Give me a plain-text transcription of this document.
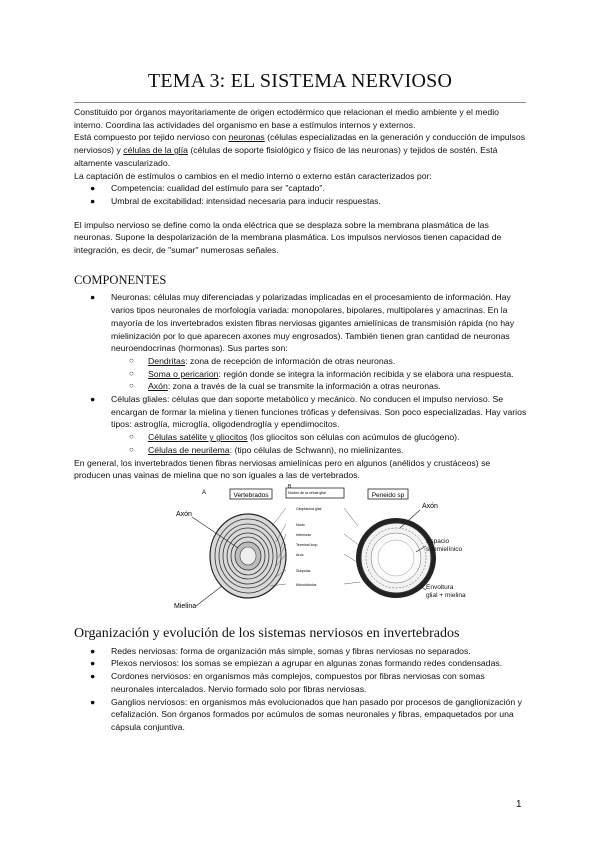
TEMA 3: EL SISTEMA NERVIOSO

Constituido por órganos mayoritariamente de origen ectodérmico que relacionan el medio ambiente y el medio interno. Coordina las actividades del organismo en base a estímulos internos y externos.

Está compuesto por tejido nervioso con neuronas (células especializadas en la generación y conducción de impulsos nerviosos) y células de la glía (células de soporte fisiológico y físico de las neuronas) y tejidos de sostén. Está altamente vascularizado.

La captación de estímulos o cambios en el medio interno o externo están caracterizados por:

● Competencia: cualidad del estímulo para ser "captado".
● Umbral de excitabilidad: intensidad necesaria para inducir respuestas.

El impulso nervioso se define como la onda eléctrica que se desplaza sobre la membrana plasmática de las neuronas. Supone la despolarización de la membrana plasmática. Los impulsos nerviosos tienen capacidad de integración, es decir, de "sumar" numerosas señales.

COMPONENTES
● Neuronas: células muy diferenciadas y polarizadas implicadas en el procesamiento de información. Hay varios tipos neuronales de morfología variada: monopolares, bipolares, multipolares y amacrinas. En la mayoría de los invertebrados existen fibras nerviosas gigantes amielínicas de transmisión rápida (no hay mielinización por lo que aparecen axones muy engrosados). También tienen gran cantidad de neuronas neuroendocrinas (hormonas). Sus partes son:
○ Dendritas: zona de recepción de información de otras neuronas.
○ Soma o pericarion: región donde se integra la información recibida y se elabora una respuesta.
○ Axón: zona a través de la cual se transmite la información a otras neuronas.
● Células gliales: células que dan soporte metabólico y mecánico. No conducen el impulso nervioso. Se encargan de formar la mielina y tienen funciones tróficas y defensivas. Son poco especializadas. Hay varios tipos: astroglía, microglía, oligodendroglía y ependimocitos.
○ Células satélite y gliocitos (los gliocitos son células con acúmulos de glucógeno).
○ Células de neurilema: (tipo células de Schwann), no mielinizantes.

En general, los invertebrados tienen fibras nerviosas amielínicas pero en algunos (anélidos y crustáceos) se producen unas vainas de mielina que no son iguales a las de vertebrados.

Vertebrados
A
Axón
Mielina
Núcleo de la célula glial
B
Citoplasma glial
Nodo
Internodo
Terminal loop
Aros
Subpoda
Microtúbulos
Peneido sp
Axón
Espacio submielínico
Envoltura glial + mielina
Organización y evolución de los sistemas nerviosos en invertebrados
● Redes nerviosas: forma de organización más simple, somas y fibras nerviosas no separados.
● Plexos nerviosos: los somas se empiezan a agrupar en algunas zonas formando redes condensadas.
● Cordones nerviosos: en organismos más complejos, compuestos por fibras nerviosas con somas neuronales intercalados. Nervio formado solo por fibras nerviosas.
● Ganglios nerviosos: en organismos más evolucionados que han pasado por procesos de ganglionización y cefalización. Son órganos formados por acúmulos de somas neuronales y fibras, empaquetados por una cápsula conjuntiva.
1
